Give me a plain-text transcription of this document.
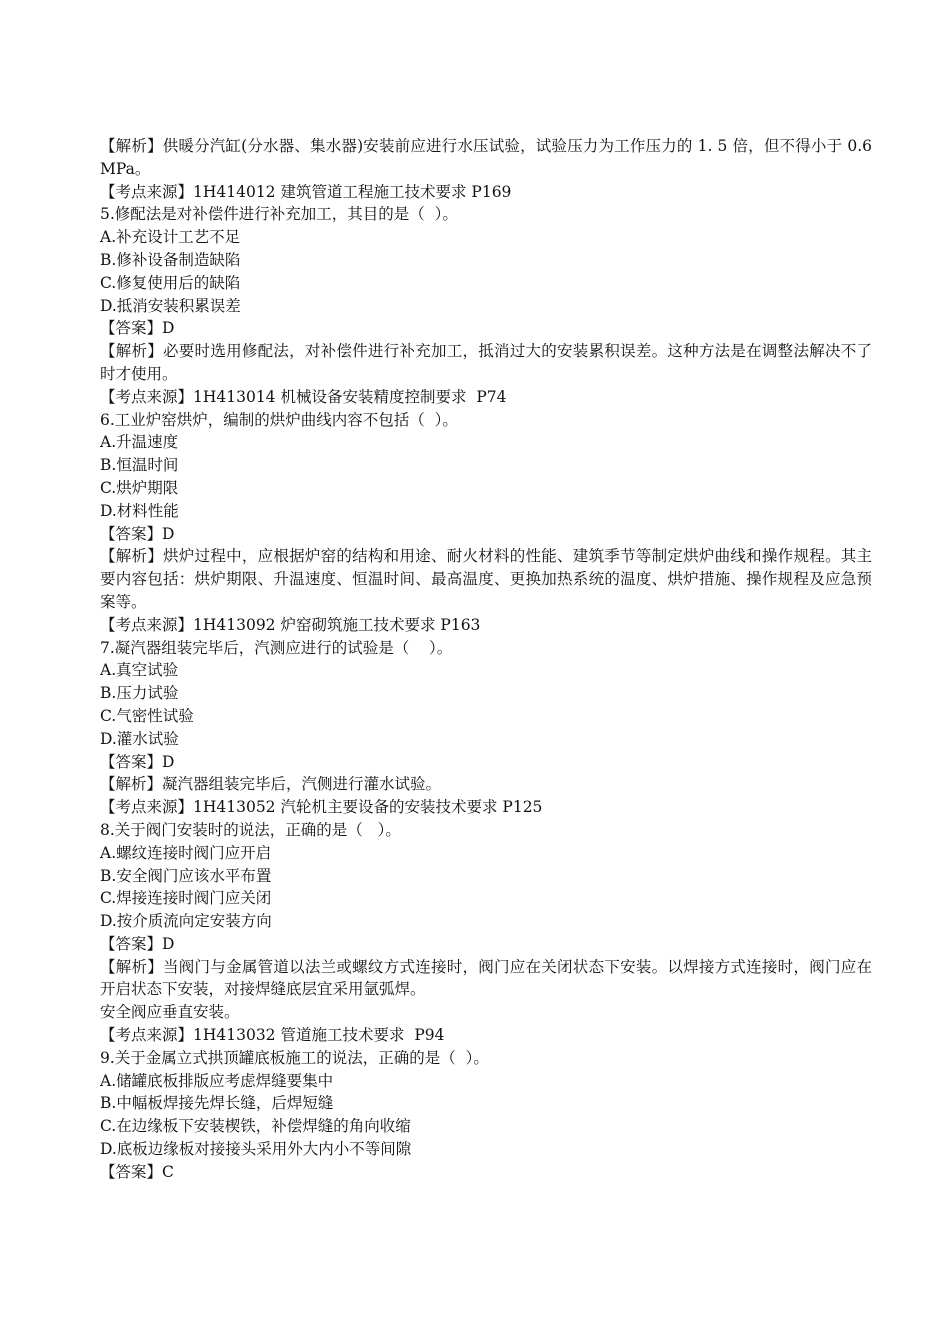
【解析】供暖分汽缸(分水器、集水器)安装前应进行水压试验，试验压力为工作压力的 1. 5 倍，但不得小于 0.6MPa。
【考点来源】1H414012 建筑管道工程施工技术要求 P169
5.修配法是对补偿件进行补充加工，其目的是（  ）。
A.补充设计工艺不足
B.修补设备制造缺陷
C.修复使用后的缺陷
D.抵消安装积累误差
【答案】D
【解析】必要时选用修配法，对补偿件进行补充加工，抵消过大的安装累积误差。这种方法是在调整法解决不了时才使用。
【考点来源】1H413014 机械设备安装精度控制要求  P74
6.工业炉窑烘炉，编制的烘炉曲线内容不包括（  ）。
A.升温速度
B.恒温时间
C.烘炉期限
D.材料性能
【答案】D
【解析】烘炉过程中，应根据炉窑的结构和用途、耐火材料的性能、建筑季节等制定烘炉曲线和操作规程。其主要内容包括：烘炉期限、升温速度、恒温时间、最高温度、更换加热系统的温度、烘炉措施、操作规程及应急预案等。
【考点来源】1H413092 炉窑砌筑施工技术要求 P163
7.凝汽器组装完毕后，汽测应进行的试验是（    ）。
A.真空试验
B.压力试验
C.气密性试验
D.灌水试验
【答案】D
【解析】凝汽器组装完毕后，汽侧进行灌水试验。
【考点来源】1H413052 汽轮机主要设备的安装技术要求 P125
8.关于阀门安装时的说法，正确的是（   ）。
A.螺纹连接时阀门应开启
B.安全阀门应该水平布置
C.焊接连接时阀门应关闭
D.按介质流向定安装方向
【答案】D
【解析】当阀门与金属管道以法兰或螺纹方式连接时，阀门应在关闭状态下安装。以焊接方式连接时，阀门应在开启状态下安装，对接焊缝底层宜采用氩弧焊。
安全阀应垂直安装。
【考点来源】1H413032 管道施工技术要求  P94
9.关于金属立式拱顶罐底板施工的说法，正确的是（  ）。
A.储罐底板排版应考虑焊缝要集中
B.中幅板焊接先焊长缝，后焊短缝
C.在边缘板下安装楔铁，补偿焊缝的角向收缩
D.底板边缘板对接接头采用外大内小不等间隙
【答案】C
